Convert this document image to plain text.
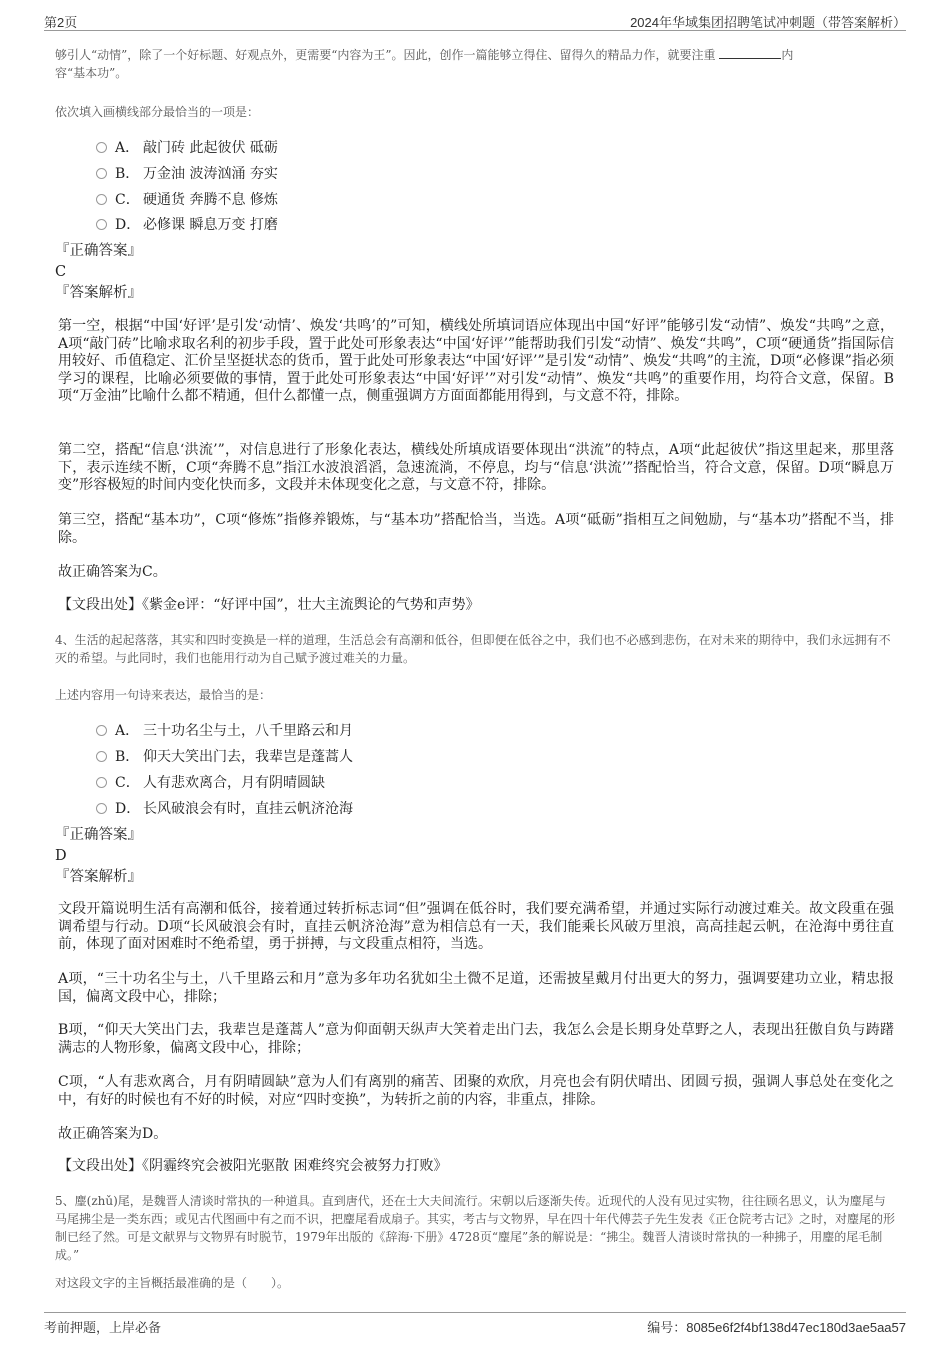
第2页	2024年华域集团招聘笔试冲刺题（带答案解析）
够引人“动情”，除了一个好标题、好观点外，更需要“内容为王”。因此，创作一篇能够立得住、留得久的精品力作，就要注重	内
容“基本功”。
依次填入画横线部分最恰当的一项是：
A． 敲门砖 此起彼伏 砥砺
B． 万金油 波涛汹涌 夯实
C． 硬通货 奔腾不息 修炼
D． 必修课 瞬息万变 打磨
『正确答案』
C
『答案解析』
第一空，根据“中国‘好评’是引发‘动情’、焕发‘共鸣’的”可知，横线处所填词语应体现出中国“好评”能够引发“动情”、焕发“共鸣”之意，A项“敲门砖”比喻求取名利的初步手段，置于此处可形象表达“中国‘好评’”能帮助我们引发“动情”、焕发“共鸣”，C项“硬通货”指国际信用较好、币值稳定、汇价呈坚挺状态的货币，置于此处可形象表达“中国‘好评’”是引发“动情”、焕发“共鸣”的主流，D项“必修课”指必须学习的课程，比喻必须要做的事情，置于此处可形象表达“中国‘好评’”对引发“动情”、焕发“共鸣”的重要作用，均符合文意，保留。B项“万金油”比喻什么都不精通，但什么都懂一点，侧重强调方方面面都能用得到，与文意不符，排除。
第二空，搭配“信息‘洪流’”，对信息进行了形象化表达，横线处所填成语要体现出“洪流”的特点，A项“此起彼伏”指这里起来，那里落下，表示连续不断，C项“奔腾不息”指江水波浪滔滔，急速流淌，不停息，均与“信息‘洪流’”搭配恰当，符合文意，保留。D项“瞬息万变”形容极短的时间内变化快而多，文段并未体现变化之意，与文意不符，排除。
第三空，搭配“基本功”，C项“修炼”指修养锻炼，与“基本功”搭配恰当，当选。A项“砥砺”指相互之间勉励，与“基本功”搭配不当，排除。
故正确答案为C。
【文段出处】《紫金e评：“好评中国”，壮大主流舆论的气势和声势》
4、生活的起起落落，其实和四时变换是一样的道理，生活总会有高潮和低谷，但即便在低谷之中，我们也不必感到悲伤，在对未来的期待中，我们永远拥有不灭的希望。与此同时，我们也能用行动为自己赋予渡过难关的力量。
上述内容用一句诗来表达，最恰当的是：
A． 三十功名尘与土，八千里路云和月
B． 仰天大笑出门去，我辈岂是蓬蒿人
C． 人有悲欢离合，月有阴晴圆缺
D． 长风破浪会有时，直挂云帆济沧海
『正确答案』
D
『答案解析』
文段开篇说明生活有高潮和低谷，接着通过转折标志词“但”强调在低谷时，我们要充满希望，并通过实际行动渡过难关。故文段重在强调希望与行动。D项“长风破浪会有时，直挂云帆济沧海”意为相信总有一天，我们能乘长风破万里浪，高高挂起云帆，在沧海中勇往直前，体现了面对困难时不绝希望，勇于拼搏，与文段重点相符，当选。
A项，“三十功名尘与土，八千里路云和月”意为多年功名犹如尘土微不足道，还需披星戴月付出更大的努力，强调要建功立业，精忠报国，偏离文段中心，排除；
B项，“仰天大笑出门去，我辈岂是蓬蒿人”意为仰面朝天纵声大笑着走出门去，我怎么会是长期身处草野之人，表现出狂傲自负与踌躇满志的人物形象，偏离文段中心，排除；
C项，“人有悲欢离合，月有阴晴圆缺”意为人们有离别的痛苦、团聚的欢欣，月亮也会有阴伏晴出、团圆亏损，强调人事总处在变化之中，有好的时候也有不好的时候，对应“四时变换”，为转折之前的内容，非重点，排除。
故正确答案为D。
【文段出处】《阴霾终究会被阳光驱散 困难终究会被努力打败》
5、麈(zhǔ)尾，是魏晋人清谈时常执的一种道具。直到唐代，还在士大夫间流行。宋朝以后逐渐失传。近现代的人没有见过实物，往往顾名思义，认为麈尾与马尾拂尘是一类东西；或见古代图画中有之而不识，把麈尾看成扇子。其实，考古与文物界，早在四十年代傅芸子先生发表《正仓院考古记》之时，对麈尾的形制已经了然。可是文献界与文物界有时脱节，1979年出版的《辞海·下册》4728页“麈尾”条的解说是：“拂尘。魏晋人清谈时常执的一种拂子，用麈的尾毛制成。”
对这段文字的主旨概括最准确的是（　　）。
考前押题，上岸必备	编号：8085e6f2f4bf138d47ec180d3ae5aa57
